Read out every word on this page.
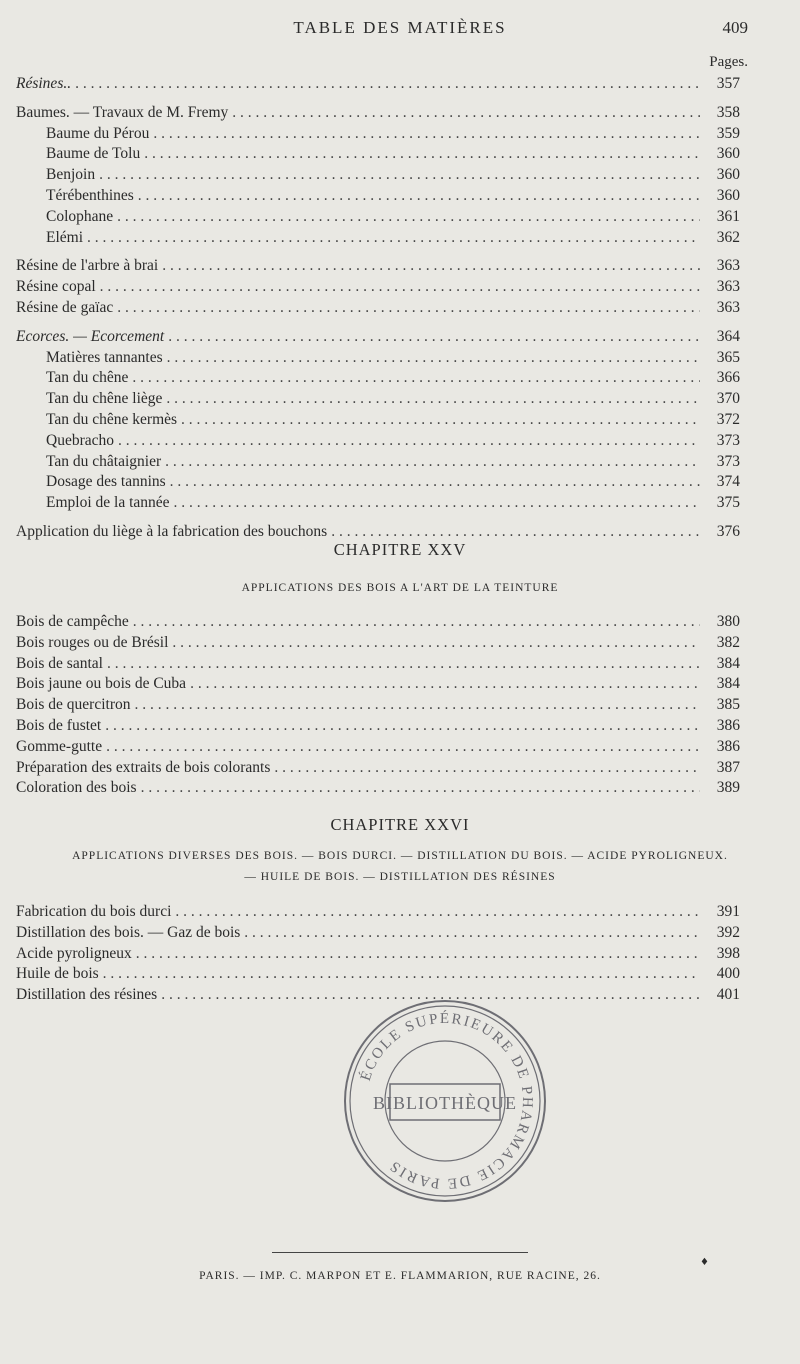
TABLE DES MATIÈRES	409
Pages.
Résines.. . . .	357
Baumes. — Travaux de M. Fremy . . .	358
Baume du Pérou . . .	359
Baume de Tolu . . .	360
Benjoin . . .	360
Térébenthines . . .	360
Colophane . . .	361
Elémi . . .	362
Résine de l'arbre à brai . . .	363
Résine copal . . .	363
Résine de gaïac . . .	363
Ecorces. — Ecorcement . . .	364
Matières tannantes . . .	365
Tan du chêne . . .	366
Tan du chêne liège . . .	370
Tan du chêne kermès . . .	372
Quebracho . . .	373
Tan du châtaignier . . .	373
Dosage des tannins . . .	374
Emploi de la tannée . . .	375
Application du liège à la fabrication des bouchons . . .	376
CHAPITRE XXV
APPLICATIONS DES BOIS A L'ART DE LA TEINTURE
Bois de campêche . . .	380
Bois rouges ou de Brésil . . .	382
Bois de santal . . .	384
Bois jaune ou bois de Cuba . . .	384
Bois de quercitron . . .	385
Bois de fustet . . .	386
Gomme-gutte . . .	386
Préparation des extraits de bois colorants . . .	387
Coloration des bois . . .	389
CHAPITRE XXVI
APPLICATIONS DIVERSES DES BOIS. — BOIS DURCI. — DISTILLATION DU BOIS. — ACIDE PYROLIGNEUX.
— HUILE DE BOIS. — DISTILLATION DES RÉSINES
Fabrication du bois durci . . .	391
Distillation des bois. — Gaz de bois . . .	392
Acide pyroligneux . . .	398
Huile de bois . . .	400
Distillation des résines . . .	401
ÉCOLE SUPÉRIEURE DE PHARMACIE DE PARIS
BIBLIOTHÈQUE
PARIS. — IMP. C. MARPON ET E. FLAMMARION, RUE RACINE, 26.
♦
